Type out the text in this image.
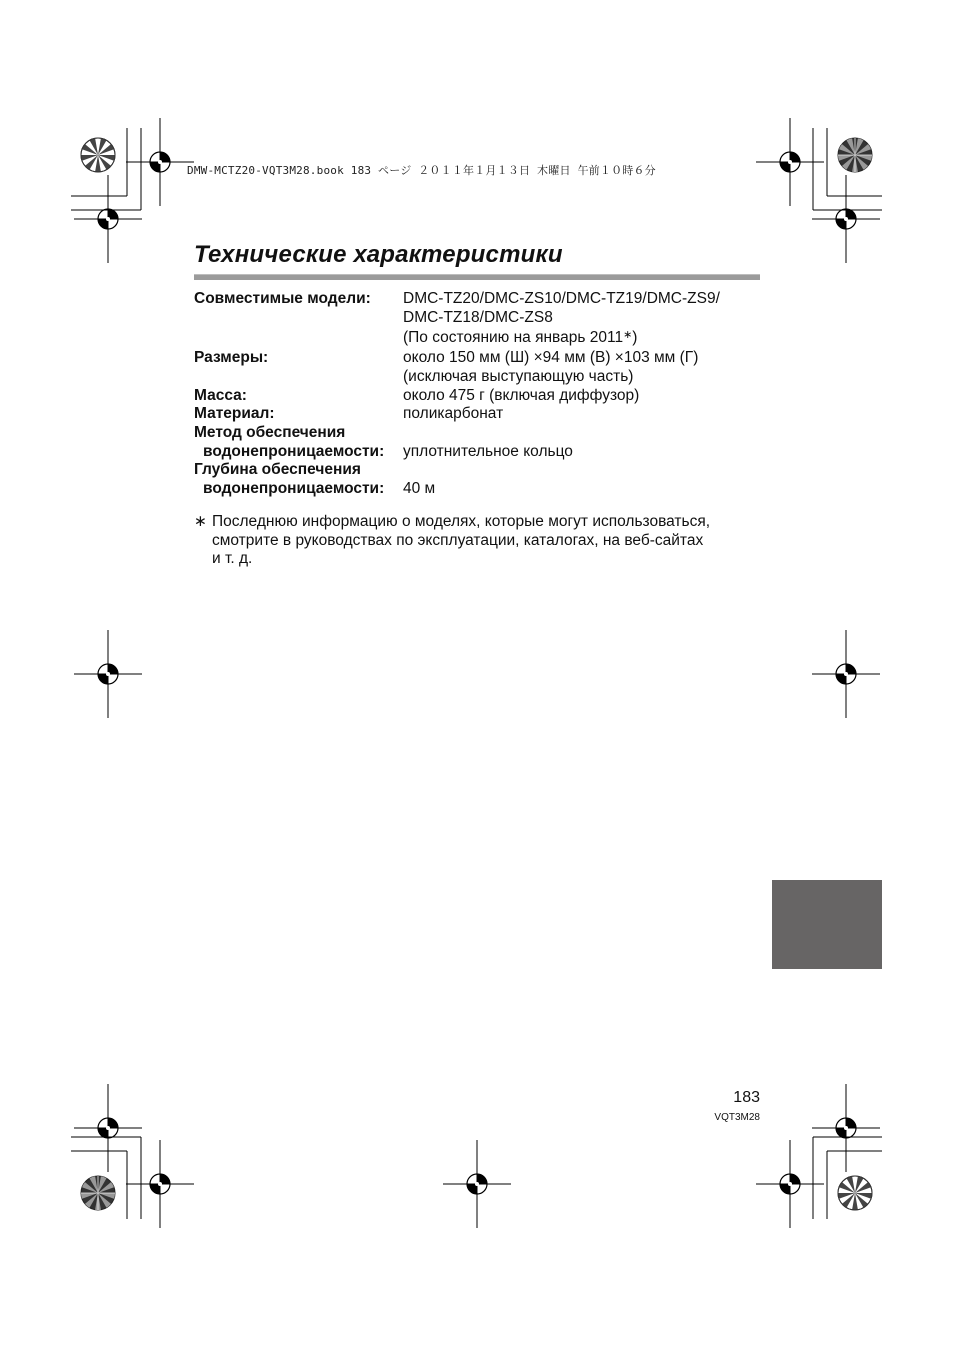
DMW-MCTZ20-VQT3M28.book 183 ページ ２０１１年１月１３日 木曜日 午前１０時６分
Технические характеристики
Совместимые модели:	DMC-TZ20/DMC-ZS10/DMC-TZ19/DMC-ZS9/
DMC-TZ18/DMC-ZS8
(По состоянию на январь 2011∗)
Размеры:	около 150 мм (Ш) ×94 мм (В) ×103 мм (Г)
(исключая выступающую часть)
Масса:	около 475 г (включая диффузор)
Материал:	поликарбонат
Метод обеспечения
водонепроницаемости:
	уплотнительное кольцо
Глубина обеспечения
водонепроницаемости:
	40 м
∗ Последнюю информацию о моделях, которые могут использоваться,
смотрите в руководствах по эксплуатации, каталогах, на веб-сайтах
и т. д.
183
VQT3M28
